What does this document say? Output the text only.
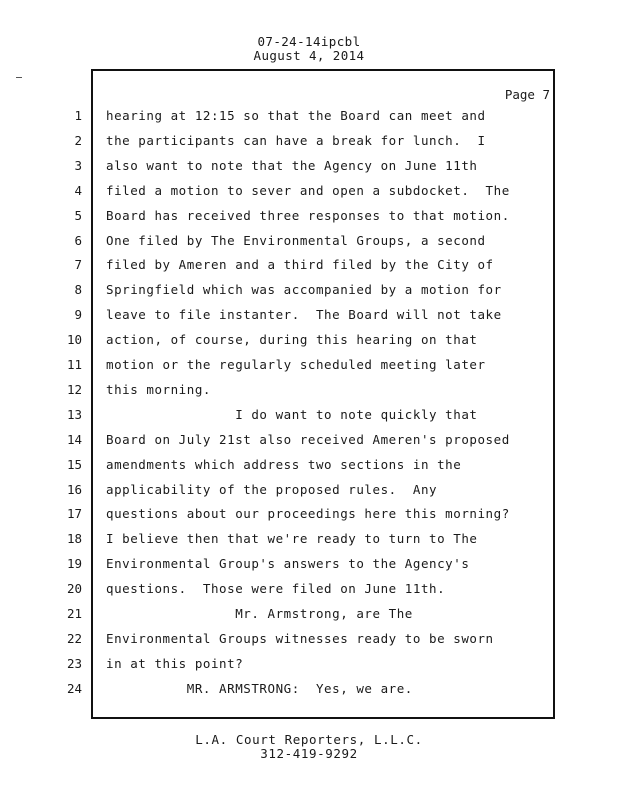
07-24-14ipcbl
August 4, 2014
Page 7
1 hearing at 12:15 so that the Board can meet and
2 the participants can have a break for lunch.  I
3 also want to note that the Agency on June 11th
4 filed a motion to sever and open a subdocket.  The
5 Board has received three responses to that motion.
6 One filed by The Environmental Groups, a second
7 filed by Ameren and a third filed by the City of
8 Springfield which was accompanied by a motion for
9 leave to file instanter.  The Board will not take
10 action, of course, during this hearing on that
11 motion or the regularly scheduled meeting later
12 this morning.
13 I do want to note quickly that
14 Board on July 21st also received Ameren's proposed
15 amendments which address two sections in the
16 applicability of the proposed rules.  Any
17 questions about our proceedings here this morning?
18 I believe then that we're ready to turn to The
19 Environmental Group's answers to the Agency's
20 questions.  Those were filed on June 11th.
21 Mr. Armstrong, are The
22 Environmental Groups witnesses ready to be sworn
23 in at this point?
24 MR. ARMSTRONG:  Yes, we are.
L.A. Court Reporters, L.L.C.
312-419-9292
